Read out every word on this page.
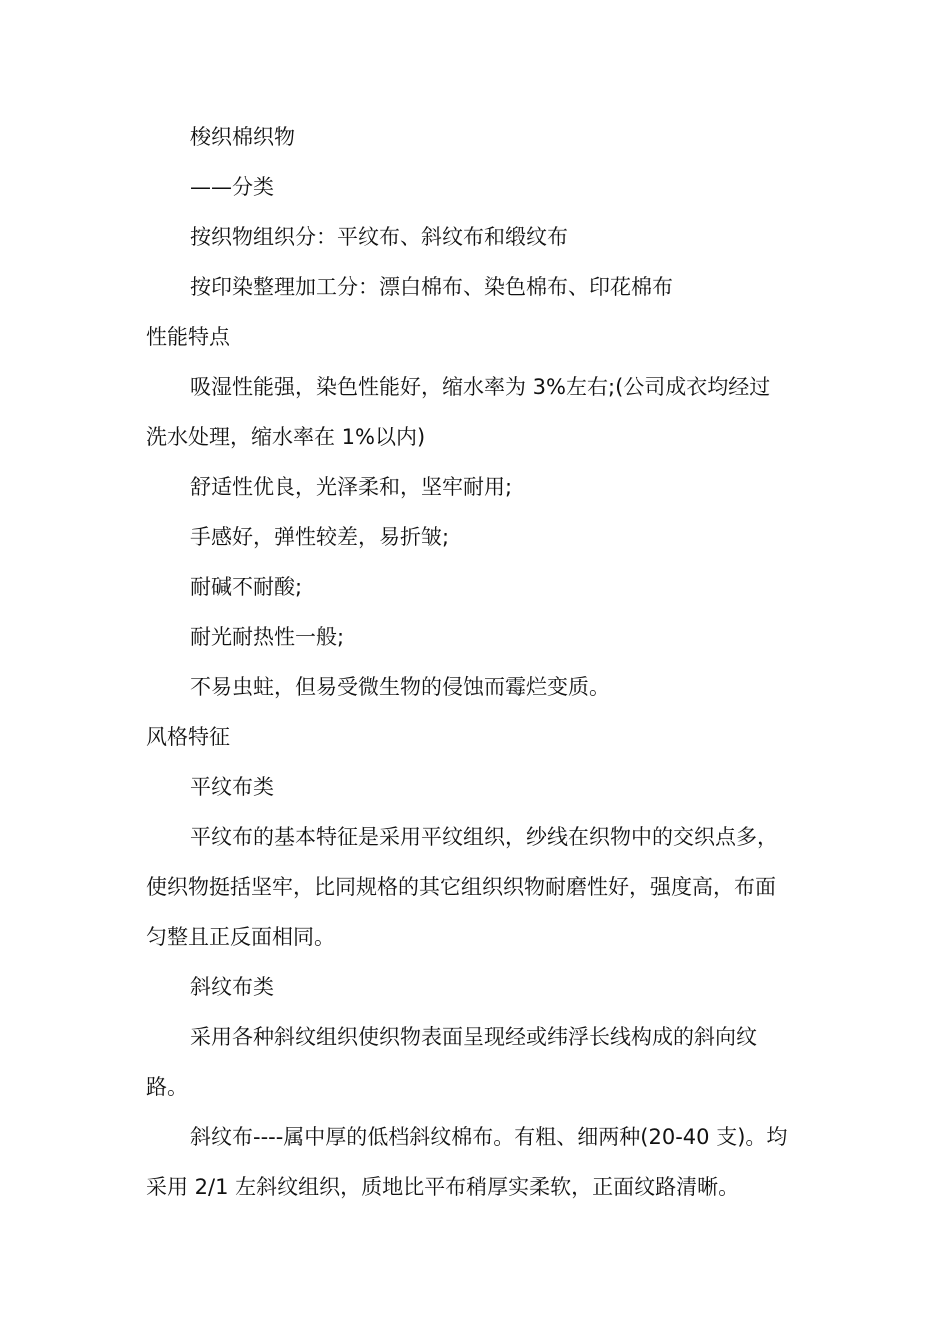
梭织棉织物
——分类
按织物组织分：平纹布、斜纹布和缎纹布
按印染整理加工分：漂白棉布、染色棉布、印花棉布
性能特点
吸湿性能强，染色性能好，缩水率为 3%左右;(公司成衣均经过
洗水处理，缩水率在 1%以内)
舒适性优良，光泽柔和，坚牢耐用;
手感好，弹性较差，易折皱;
耐碱不耐酸;
耐光耐热性一般;
不易虫蛀，但易受微生物的侵蚀而霉烂变质。
风格特征
平纹布类
平纹布的基本特征是采用平纹组织，纱线在织物中的交织点多，
使织物挺括坚牢，比同规格的其它组织织物耐磨性好，强度高，布面
匀整且正反面相同。
斜纹布类
采用各种斜纹组织使织物表面呈现经或纬浮长线构成的斜向纹
路。
斜纹布----属中厚的低档斜纹棉布。有粗、细两种(20-40 支)。均
采用 2/1 左斜纹组织，质地比平布稍厚实柔软，正面纹路清晰。
